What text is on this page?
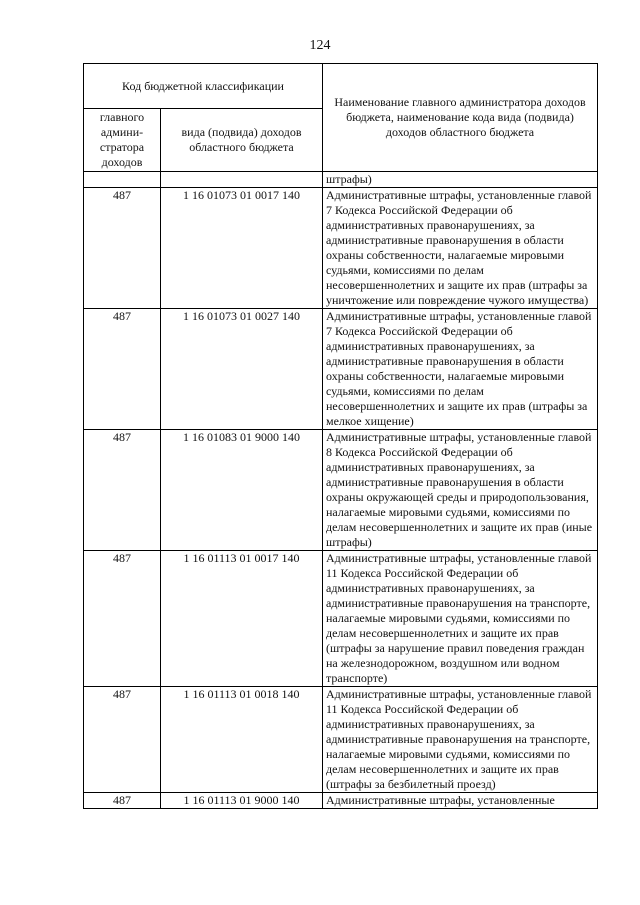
124
Код бюджетной классификации		Наименование главного администратора доходов бюджета, наименование кода вида (подвида) доходов областного бюджета
главного админи-стратора доходов	вида (подвида) доходов областного бюджета	
		штрафы)
487	1 16 01073 01 0017 140	Административные штрафы, установленные главой 7 Кодекса Российской Федерации об административных правонарушениях, за административные правонарушения в области охраны собственности, налагаемые мировыми судьями, комиссиями по делам несовершеннолетних и защите их прав (штрафы за уничтожение или повреждение чужого имущества)
487	1 16 01073 01 0027 140	Административные штрафы, установленные главой 7 Кодекса Российской Федерации об административных правонарушениях, за административные правонарушения в области охраны собственности, налагаемые мировыми судьями, комиссиями по делам несовершеннолетних и защите их прав (штрафы за мелкое хищение)
487	1 16 01083 01 9000 140	Административные штрафы, установленные главой 8 Кодекса Российской Федерации об административных правонарушениях, за административные правонарушения в области охраны окружающей среды и природопользования, налагаемые мировыми судьями, комиссиями по делам несовершеннолетних и защите их прав (иные штрафы)
487	1 16 01113 01 0017 140	Административные штрафы, установленные главой 11 Кодекса Российской Федерации об административных правонарушениях, за административные правонарушения на транспорте, налагаемые мировыми судьями, комиссиями по делам несовершеннолетних и защите их прав (штрафы за нарушение правил поведения граждан на железнодорожном, воздушном или водном транспорте)
487	1 16 01113 01 0018 140	Административные штрафы, установленные главой 11 Кодекса Российской Федерации об административных правонарушениях, за административные правонарушения на транспорте, налагаемые мировыми судьями, комиссиями по делам несовершеннолетних и защите их прав (штрафы за безбилетный проезд)
487	1 16 01113 01 9000 140	Административные штрафы, установленные
